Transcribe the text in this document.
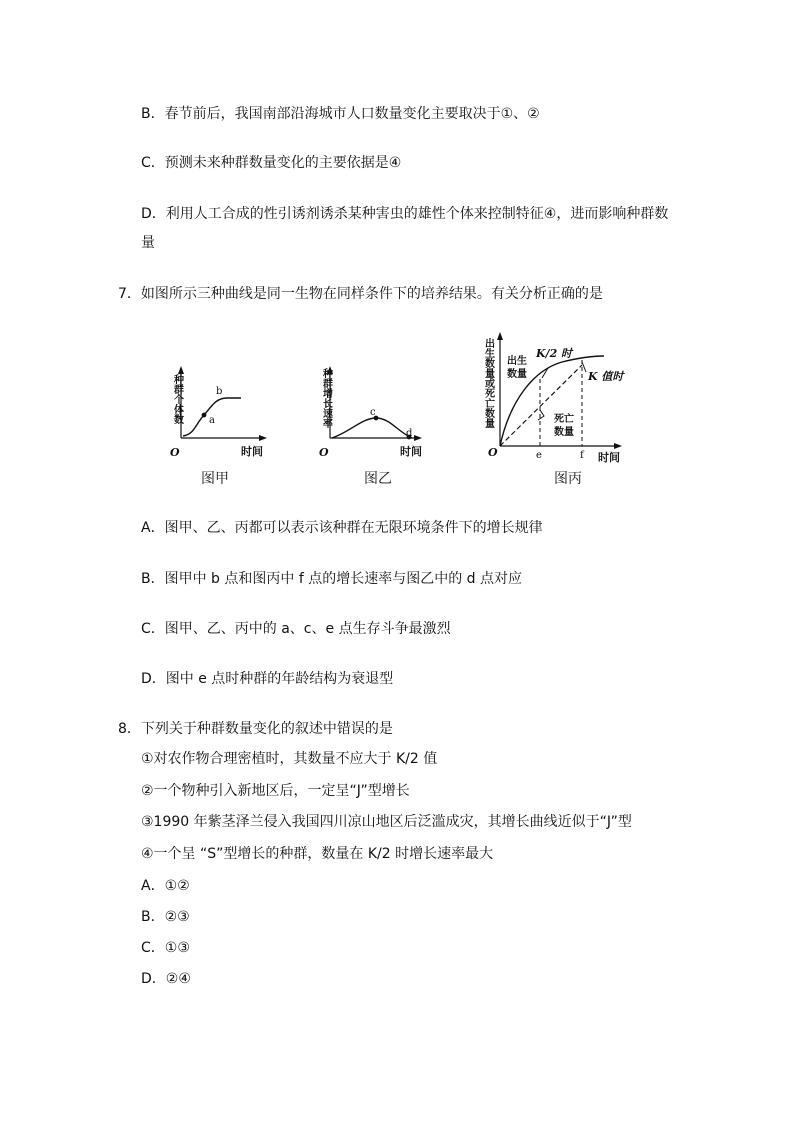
B．春节前后，我国南部沿海城市人口数量变化主要取决于①、②
C．预测未来种群数量变化的主要依据是④
D．利用人工合成的性引诱剂诱杀某种害虫的雄性个体来控制特征④，进而影响种群数
量
7．如图所示三种曲线是同一生物在同样条件下的培养结果。有关分析正确的是
a
b
O	时间
种群个体数
图甲
c
d
O	时间
种群增长速率
图乙
出生
数量
K/2 时
K 值时
死亡
数量
O	e	f 时间
出生数量或死亡数量
图丙
A．图甲、乙、丙都可以表示该种群在无限环境条件下的增长规律
B．图甲中 b 点和图丙中 f 点的增长速率与图乙中的 d 点对应
C．图甲、乙、丙中的 a、c、e 点生存斗争最激烈
D．图中 e 点时种群的年龄结构为衰退型
8．下列关于种群数量变化的叙述中错误的是
①对农作物合理密植时，其数量不应大于 K/2 值
②一个物种引入新地区后，一定呈“J”型增长
③1990 年紫茎泽兰侵入我国四川凉山地区后泛滥成灾，其增长曲线近似于“J”型
④一个呈 “S”型增长的种群，数量在 K/2 时增长速率最大
A．①②
B．②③
C．①③
D．②④
